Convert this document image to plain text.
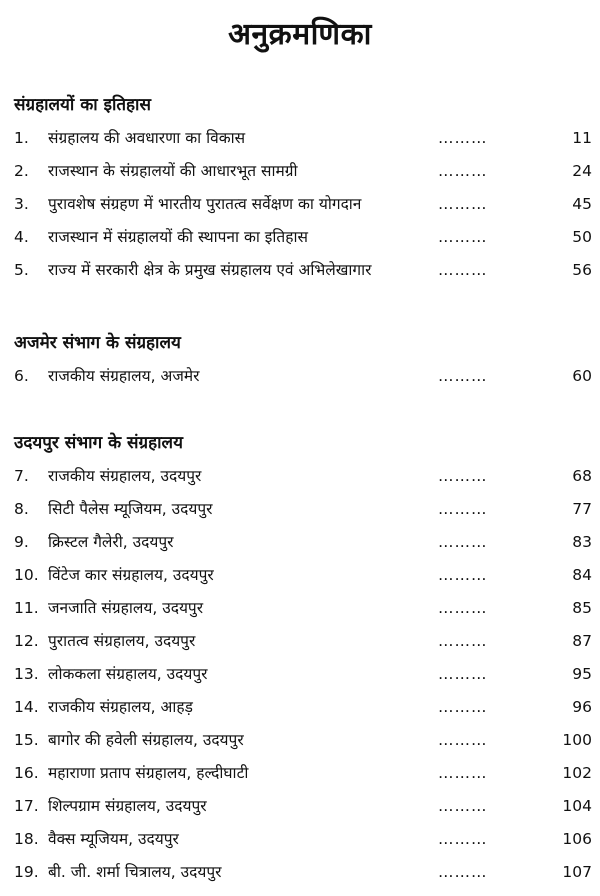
अनुक्रमणिका
संग्रहालयों का इतिहास
1.	संग्रहालय की अवधारणा का विकास	………	11
2.	राजस्थान के संग्रहालयों की आधारभूत सामग्री	………	24
3.	पुरावशेष संग्रहण में भारतीय पुरातत्व सर्वेक्षण का योगदान	………	45
4.	राजस्थान में संग्रहालयों की स्थापना का इतिहास	………	50
5.	राज्य में सरकारी क्षेत्र के प्रमुख संग्रहालय एवं अभिलेखागार	………	56
अजमेर संभाग के संग्रहालय
6.	राजकीय संग्रहालय, अजमेर	………	60
उदयपुर संभाग के संग्रहालय
7.	राजकीय संग्रहालय, उदयपुर	………	68
8.	सिटी पैलेस म्यूजियम, उदयपुर	………	77
9.	क्रिस्टल गैलेरी, उदयपुर	………	83
10. विंटेज कार संग्रहालय, उदयपुर	………	84
11. जनजाति संग्रहालय, उदयपुर	………	85
12. पुरातत्व संग्रहालय, उदयपुर	………	87
13. लोककला संग्रहालय, उदयपुर	………	95
14. राजकीय संग्रहालय, आहड़	………	96
15. बागोर की हवेली संग्रहालय, उदयपुर	………	100
16. महाराणा प्रताप संग्रहालय, हल्दीघाटी	………	102
17. शिल्पग्राम संग्रहालय, उदयपुर	………	104
18. वैक्स म्यूजियम, उदयपुर	………	106
19. बी. जी. शर्मा चित्रालय, उदयपुर	………	107
